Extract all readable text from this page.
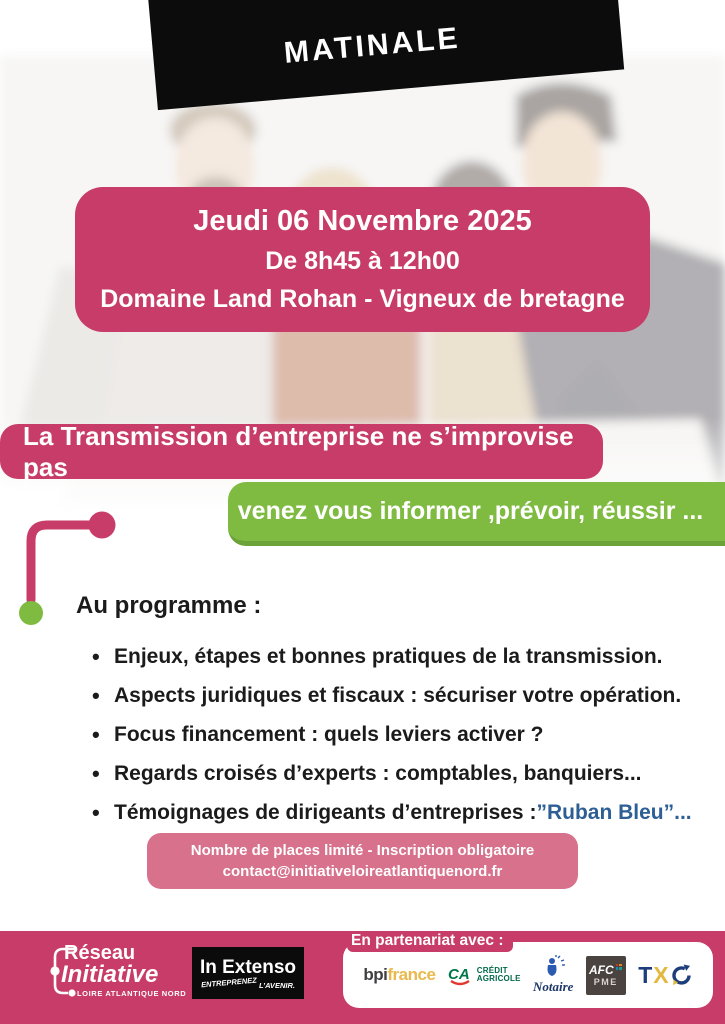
MATINALE
Jeudi 06 Novembre 2025
De 8h45 à 12h00
Domaine Land Rohan - Vigneux de bretagne
La Transmission d’entreprise ne s’improvise pas
venez vous informer ,prévoir, réussir ...
Au programme :
• Enjeux, étapes et bonnes pratiques de la transmission.
• Aspects juridiques et fiscaux : sécuriser votre opération.
• Focus financement : quels leviers activer ?
• Regards croisés d’experts : comptables, banquiers...
• Témoignages de dirigeants d’entreprises :”Ruban Bleu”...
Nombre de places limité - Inscription obligatoire
contact@initiativeloireatlantiquenord.fr
Réseau
Initiative
LOIRE ATLANTIQUE NORD
In Extenso
ENTREPRENEZ L’AVENIR.
En partenariat avec :
bpi france CA CRÉDIT
AGRICOLE
Notaire
AFC
PME T X
